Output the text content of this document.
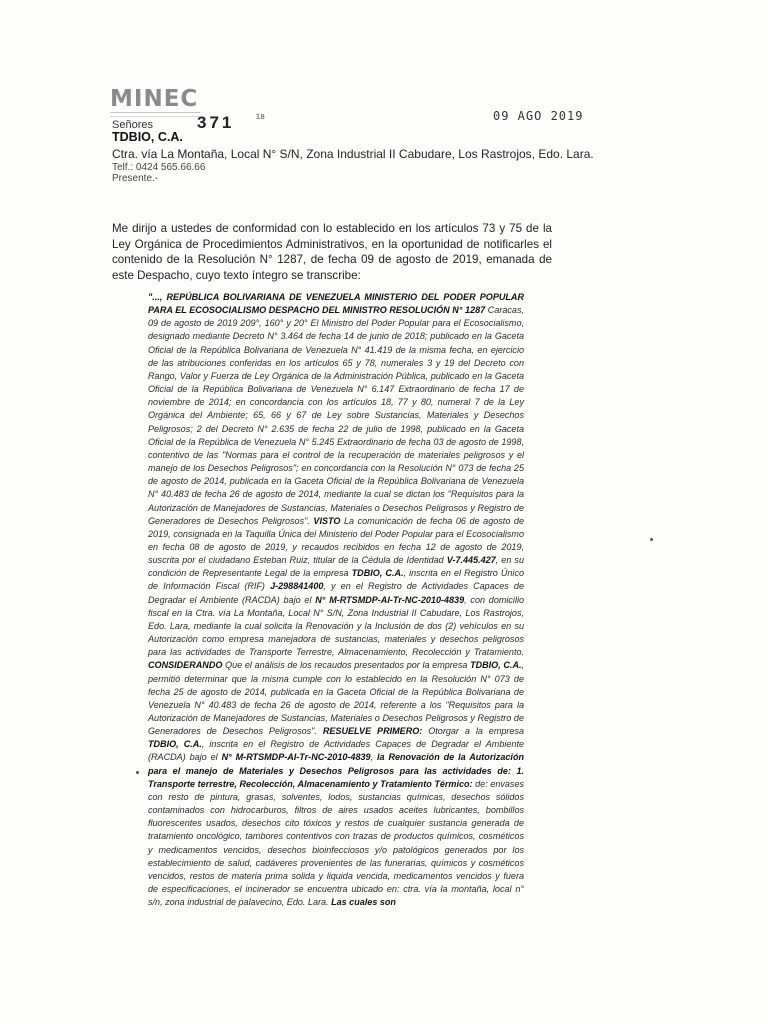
MINEC
371 ⁠¹⁸	09 AGO 2019
Señores
TDBIO, C.A.
Ctra. vía La Montaña, Local N° S/N, Zona Industrial II Cabudare, Los Rastrojos, Edo. Lara.
Telf.: 0424 565.66.66
Presente.-
Me dirijo a ustedes de conformidad con lo establecido en los artículos 73 y 75 de la Ley Orgánica de Procedimientos Administrativos, en la oportunidad de notificarles el contenido de la Resolución N° 1287, de fecha 09 de agosto de 2019, emanada de este Despacho, cuyo texto íntegro se transcribe:
"..., REPÚBLICA BOLIVARIANA DE VENEZUELA MINISTERIO DEL PODER POPULAR PARA EL ECOSOCIALISMO DESPACHO DEL MINISTRO RESOLUCIÓN N° 1287 Caracas, 09 de agosto de 2019 209°, 160° y 20° El Ministro del Poder Popular para el Ecosocialismo, designado mediante Decreto N° 3.464 de fecha 14 de junio de 2018; publicado en la Gaceta Oficial de la República Bolivariana de Venezuela N° 41.419 de la misma fecha, en ejercicio de las atribuciones conferidas en los artículos 65 y 78, numerales 3 y 19 del Decreto con Rango, Valor y Fuerza de Ley Orgánica de la Administración Pública, publicado en la Gaceta Oficial de la República Bolivariana de Venezuela N° 6.147 Extraordinario de fecha 17 de noviembre de 2014; en concordancia con los artículos 18, 77 y 80, numeral 7 de la Ley Orgánica del Ambiente; 65, 66 y 67 de Ley sobre Sustancias, Materiales y Desechos Peligrosos; 2 del Decreto N° 2.635 de fecha 22 de julio de 1998, publicado en la Gaceta Oficial de la República de Venezuela N° 5.245 Extraordinario de fecha 03 de agosto de 1998, contentivo de las "Normas para el control de la recuperación de materiales peligrosos y el manejo de los Desechos Peligrosos"; en concordancia con la Resolución N° 073 de fecha 25 de agosto de 2014, publicada en la Gaceta Oficial de la República Bolivariana de Venezuela N° 40.483 de fecha 26 de agosto de 2014, mediante la cual se dictan los "Requisitos para la Autorización de Manejadores de Sustancias, Materiales o Desechos Peligrosos y Registro de Generadores de Desechos Peligrosos". VISTO La comunicación de fecha 06 de agosto de 2019, consignada en la Taquilla Única del Ministerio del Poder Popular para el Ecosocialismo en fecha 08 de agosto de 2019, y recaudos recibidos en fecha 12 de agosto de 2019, suscrita por el ciudadano Esteban Ruiz, titular de la Cédula de Identidad V-7.445.427, en su condición de Representante Legal de la empresa TDBIO, C.A., inscrita en el Registro Único de Información Fiscal (RIF) J-298841400, y en el Registro de Actividades Capaces de Degradar el Ambiente (RACDA) bajo el N° M-RTSMDP-AI-Tr-NC-2010-4839, con domicilio fiscal en la Ctra. vía La Montaña, Local N° S/N, Zona Industrial II Cabudare, Los Rastrojos, Edo. Lara, mediante la cual solicita la Renovación y la Inclusión de dos (2) vehículos en su Autorización como empresa manejadora de sustancias, materiales y desechos peligrosos para las actividades de Transporte Terrestre, Almacenamiento, Recolección y Tratamiento. CONSIDERANDO Que el análisis de los recaudos presentados por la empresa TDBIO, C.A., permitió determinar que la misma cumple con lo establecido en la Resolución N° 073 de fecha 25 de agosto de 2014, publicada en la Gaceta Oficial de la República Bolivariana de Venezuela N° 40.483 de fecha 26 de agosto de 2014, referente a los "Requisitos para la Autorización de Manejadores de Sustancias, Materiales o Desechos Peligrosos y Registro de Generadores de Desechos Peligrosos". RESUELVE PRIMERO: Otorgar a la empresa TDBIO, C.A., inscrita en el Registro de Actividades Capaces de Degradar el Ambiente (RACDA) bajo el N° M-RTSMDP-AI-Tr-NC-2010-4839, la Renovación de la Autorización para el manejo de Materiales y Desechos Peligrosos para las actividades de: 1. Transporte terrestre, Recolección, Almacenamiento y Tratamiento Térmico: de: envases con resto de pintura, grasas, solventes, lodos, sustancias químicas, desechos sólidos contaminados con hidrocarburos, filtros de aires usados aceites lubricantes, bombillos fluorescentes usados, desechos cito tóxicos y restos de cualquier sustancia generada de tratamiento oncológico, tambores contentivos con trazas de productos químicos, cosméticos y medicamentos vencidos, desechos bioinfecciosos y/o patológicos generados por los establecimiento de salud, cadáveres provenientes de las funerarias, químicos y cosméticos vencidos, restos de materia prima solida y liquida vencida, medicamentos vencidos y fuera de especificaciones, el incinerador se encuentra ubicado en: ctra. vía la montaña, local n° s/n, zona industrial de palavecino, Edo. Lara. Las cuales son
